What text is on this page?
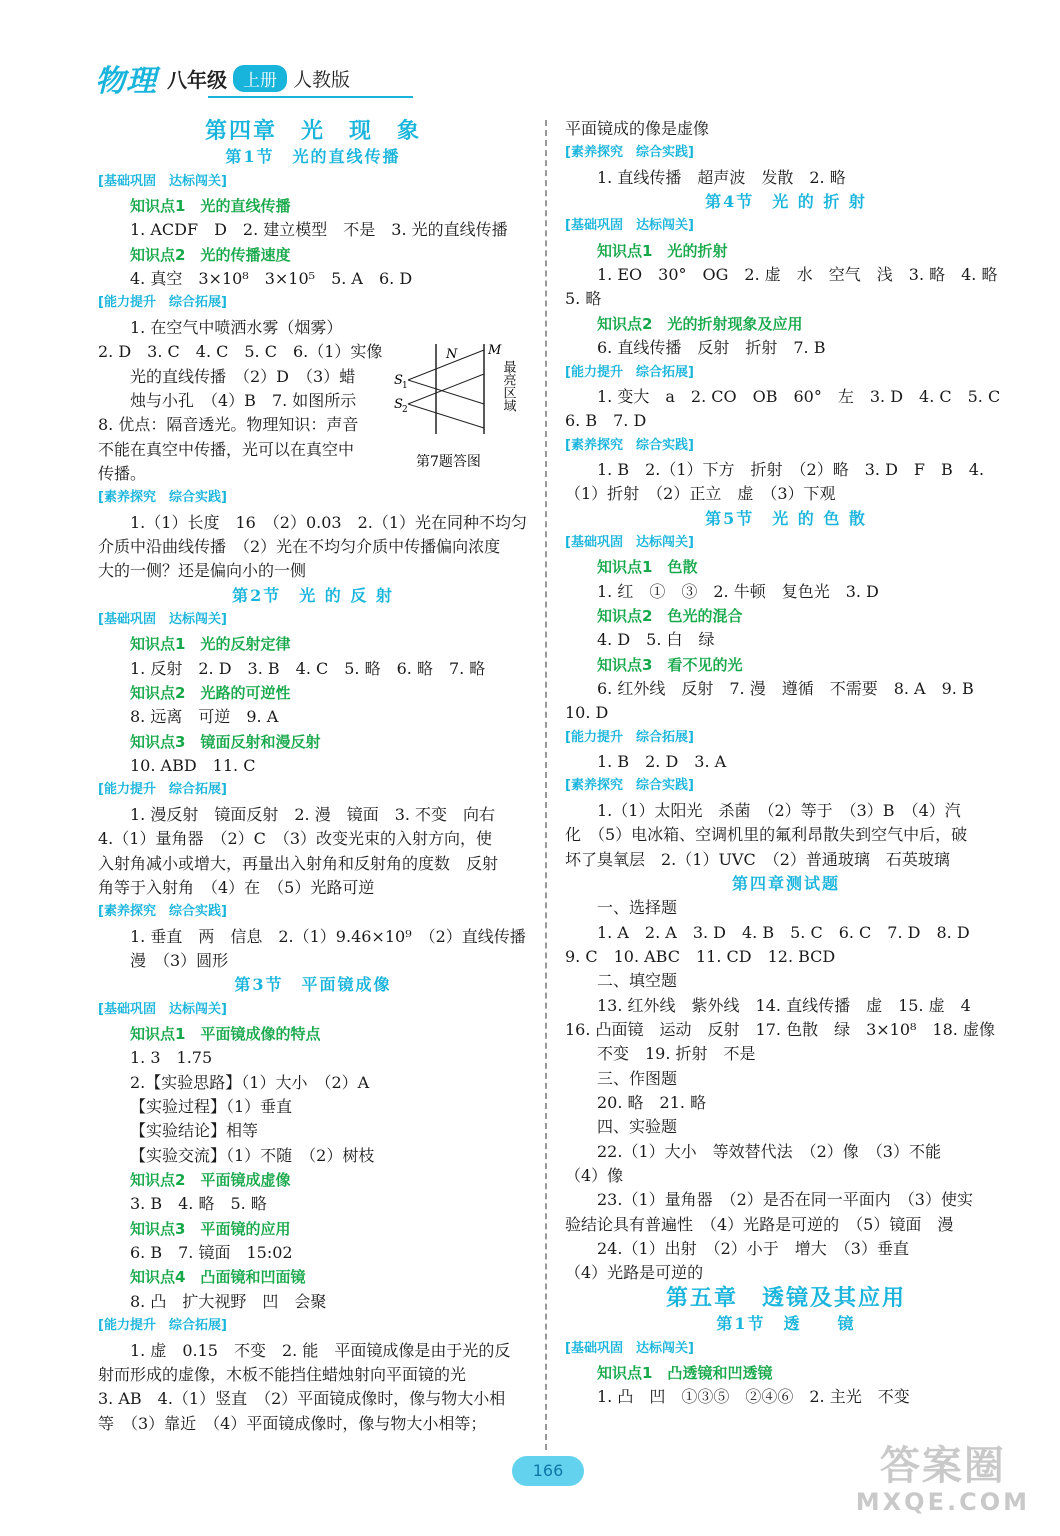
物理 八年级 上册 人教版
第四章　光　现　象
第1节　光的直线传播
[基础巩固　达标闯关]
知识点1　光的直线传播
1. ACDF　D　2. 建立模型　不是　3. 光的直线传播
知识点2　光的传播速度
4. 真空　3×10⁸　3×10⁵　5. A　6. D
[能力提升　综合拓展]
1. 在空气中喷洒水雾（烟雾）
2. D　3. C　4. C　5. C　6.（1）实像
光的直线传播　（2）D　（3）蜡
烛与小孔　（4）B　7. 如图所示
8. 优点：隔音透光。物理知识：声音
不能在真空中传播，光可以在真空中
传播。
[素养探究　综合实践]
1.（1）长度　16　（2）0.03　2.（1）光在同种不均匀
介质中沿曲线传播　（2）光在不均匀介质中传播偏向浓度
大的一侧？还是偏向小的一侧
第2节　光 的 反 射
[基础巩固　达标闯关]
知识点1　光的反射定律
1. 反射　2. D　3. B　4. C　5. 略　6. 略　7. 略
知识点2　光路的可逆性
8. 远离　可逆　9. A
知识点3　镜面反射和漫反射
10. ABD　11. C
[能力提升　综合拓展]
1. 漫反射　镜面反射　2. 漫　镜面　3. 不变　向右
4.（1）量角器　（2）C　（3）改变光束的入射方向，使
入射角减小或增大，再量出入射角和反射角的度数　反射
角等于入射角　（4）在　（5）光路可逆
[素养探究　综合实践]
1. 垂直　两　信息　2.（1）9.46×10⁹　（2）直线传播
漫　（3）圆形
第3节　平面镜成像
[基础巩固　达标闯关]
知识点1　平面镜成像的特点
1. 3　1.75
2.【实验思路】（1）大小　（2）A
【实验过程】（1）垂直
【实验结论】相等
【实验交流】（1）不随　（2）树枝
知识点2　平面镜成虚像
3. B　4. 略　5. 略
知识点3　平面镜的应用
6. B　7. 镜面　15:02
知识点4　凸面镜和凹面镜
8. 凸　扩大视野　凹　会聚
[能力提升　综合拓展]
1. 虚　0.15　不变　2. 能　平面镜成像是由于光的反
射而形成的虚像，木板不能挡住蜡烛射向平面镜的光
3. AB　4.（1）竖直　（2）平面镜成像时，像与物大小相
等　（3）靠近　（4）平面镜成像时，像与物大小相等；
平面镜成的像是虚像
[素养探究　综合实践]
1. 直线传播　超声波　发散　2. 略
第4节　光 的 折 射
[基础巩固　达标闯关]
知识点1　光的折射
1. EO　30°　OG　2. 虚　水　空气　浅　3. 略　4. 略
5. 略
知识点2　光的折射现象及应用
6. 直线传播　反射　折射　7. B
[能力提升　综合拓展]
1. 变大　a　2. CO　OB　60°　左　3. D　4. C　5. C
6. B　7. D
[素养探究　综合实践]
1. B　2.（1）下方　折射　（2）略　3. D　F　B　4.
（1）折射　（2）正立　虚　（3）下观
第5节　光 的 色 散
[基础巩固　达标闯关]
知识点1　色散
1. 红　①　③　2. 牛顿　复色光　3. D
知识点2　色光的混合
4. D　5. 白　绿
知识点3　看不见的光
6. 红外线　反射　7. 漫　遵循　不需要　8. A　9. B
10. D
[能力提升　综合拓展]
1. B　2. D　3. A
[素养探究　综合实践]
1.（1）太阳光　杀菌　（2）等于　（3）B　（4）汽
化　（5）电冰箱、空调机里的氟利昂散失到空气中后，破
坏了臭氧层　2.（1）UVC　（2）普通玻璃　石英玻璃
第四章测试题
一、选择题
1. A　2. A　3. D　4. B　5. C　6. C　7. D　8. D
9. C　10. ABC　11. CD　12. BCD
二、填空题
13. 红外线　紫外线　14. 直线传播　虚　15. 虚　4
16. 凸面镜　运动　反射　17. 色散　绿　3×10⁸　18. 虚像
不变　19. 折射　不是
三、作图题
20. 略　21. 略
四、实验题
22.（1）大小　等效替代法　（2）像　（3）不能
（4）像
23.（1）量角器　（2）是否在同一平面内　（3）使实
验结论具有普遍性　（4）光路是可逆的　（5）镜面　漫
24.（1）出射　（2）小于　增大　（3）垂直
（4）光路是可逆的
第五章　透镜及其应用
第1节　透　　镜
[基础巩固　达标闯关]
知识点1　凸透镜和凹透镜
1. 凸　凹　①③⑤　②④⑥　2. 主光　不变
N M
S 1
S 2	最亮区域
第7题答图
166	答案圈
MXQE.COM
